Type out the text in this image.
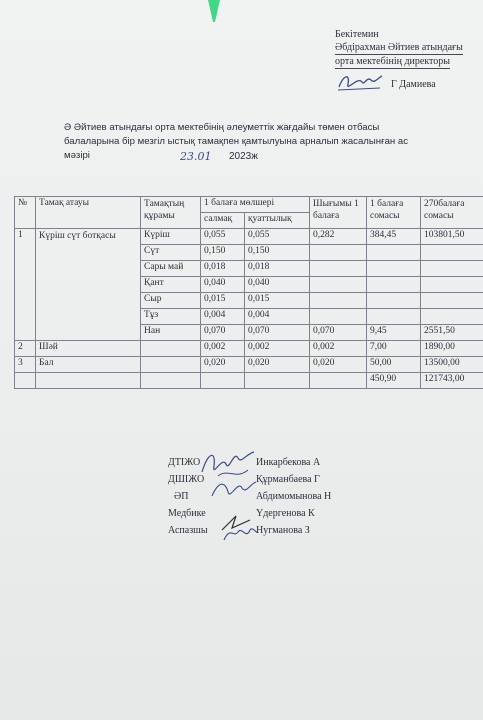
Бекітемин
Әбдірахман Әйтиев атындағы
орта мектебінің директоры
Г Дамиева
Ә Әйтиев атындағы орта мектебінің әлеуметтік жағдайы төмен отбасы
балаларына бір мезгіл ыстық тамақпен қамтылуына арналып жасалынған ас
мәзірі	23.01 2023ж
№	Тамақ атауы	Тамақтың құрамы	1 балаға мөлшері		Шығымы 1 балаға	1 балаға сомасы	270балаға сомасы
			салмақ	қуаттылық			
1	Күріш сүт ботқасы	Күріш	0,055	0,055	0,282	384,45	103801,50
		Сүт	0,150	0,150			
		Сары май	0,018	0,018			
		Қант	0,040	0,040			
		Сыр	0,015	0,015			
		Тұз	0,004	0,004			
		Нан	0,070	0,070	0,070	9,45	2551,50
2	Шәй		0,002	0,002	0,002	7,00	1890,00
3	Бал		0,020	0,020	0,020	50,00	13500,00
						450,90	121743,00
ДТІЖО	Инкарбекова А
ДШІЖО	Құрманбаева Г
ӘП	Абдимомынова Н
Медбике	Үдергенова К
Аспазшы	Нугманова З
